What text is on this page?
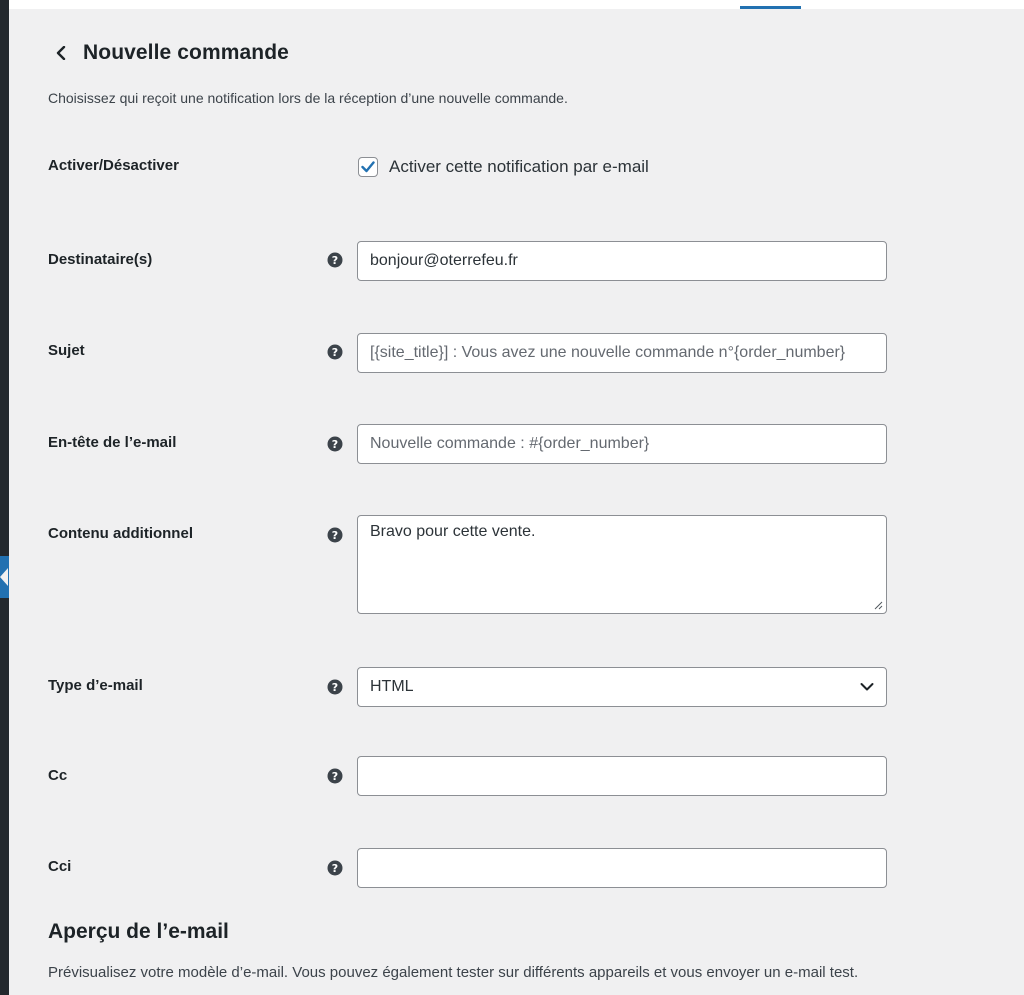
Nouvelle commande

Choisissez qui reçoit une notification lors de la réception d’une nouvelle commande.

Activer/Désactiver	Activer cette notification par e-mail
Destinataire(s)	?	bonjour@oterrefeu.fr
Sujet	?	[{site_title}] : Vous avez une nouvelle commande n°{order_number}
En-tête de l’e-mail	?	Nouvelle commande : #{order_number}
Contenu additionnel	?	Bravo pour cette vente.
Type d’e-mail	? HTML
Cc	?
Cci	?
Aperçu de l’e-mail

Prévisualisez votre modèle d’e-mail. Vous pouvez également tester sur différents appareils et vous envoyer un e-mail test.
